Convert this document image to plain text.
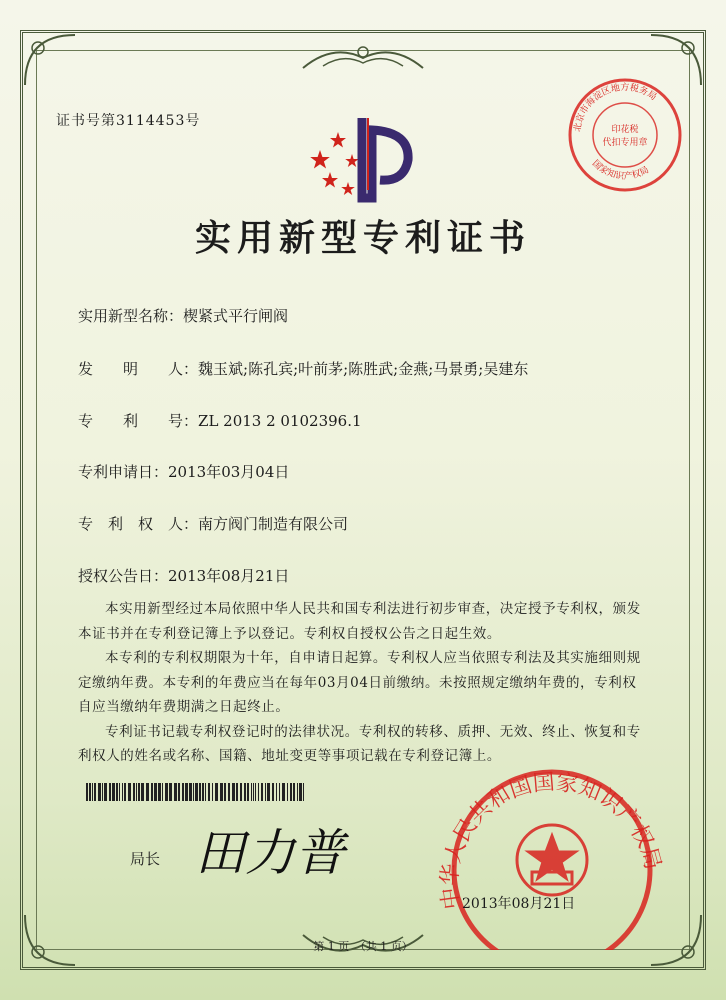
证书号第3114453号
实用新型专利证书
实用新型名称：楔紧式平行闸阀
发　　明　　人：魏玉斌;陈孔宾;叶前茅;陈胜武;金燕;马景勇;吴建东
专　　利　　号：ZL 2013 2 0102396.1
专利申请日：2013年03月04日
专　利　权　人：南方阀门制造有限公司
授权公告日：2013年08月21日

本实用新型经过本局依照中华人民共和国专利法进行初步审查，决定授予专利权，颁发本证书并在专利登记簿上予以登记。专利权自授权公告之日起生效。

本专利的专利权期限为十年，自申请日起算。专利权人应当依照专利法及其实施细则规定缴纳年费。本专利的年费应当在每年03月04日前缴纳。未按照规定缴纳年费的，专利权自应当缴纳年费期满之日起终止。

专利证书记载专利权登记时的法律状况。专利权的转移、质押、无效、终止、恢复和专利权人的姓名或名称、国籍、地址变更等事项记载在专利登记簿上。

局长 田力普
中华人民共和国国家知识产权局
2013年08月21日
北京市海淀区地方税务局
国家知识产权局
印花税
代扣专用章
第 1 页　（共 1 页）
